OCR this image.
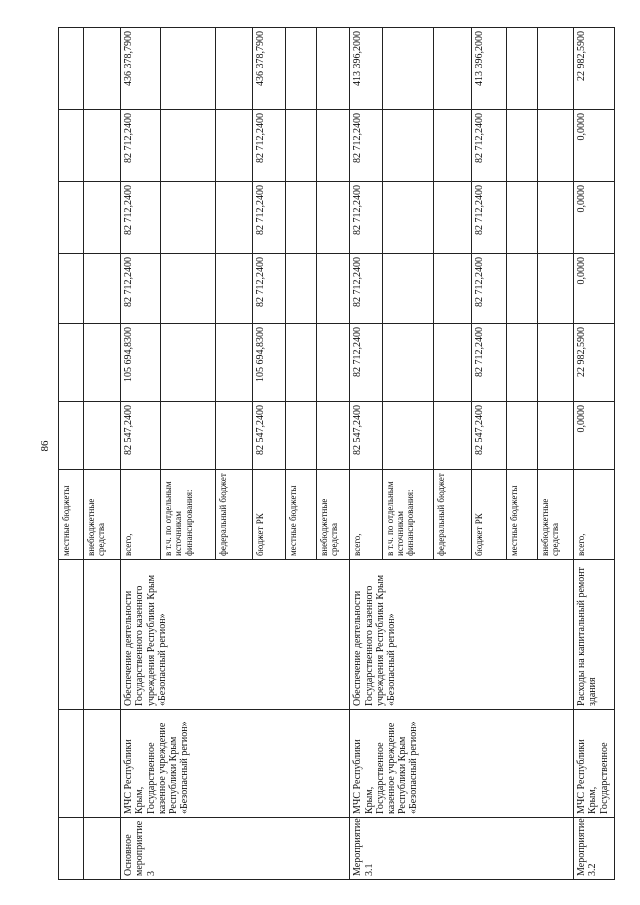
86
			местные бюджеты						
			внебюджетные средства						
Основное мероприятие 3	МЧС Республики Крым, Государственное казенное учреждение Республики Крым «Безопасный регион»	Обеспечение деятельности Государственного казенного учреждения Республики Крым «Безопасный регион»	всего,	82 547,2400	105 694,8300	82 712,2400	82 712,2400	82 712,2400	436 378,7900
			в т.ч. по отдельным источникам финансирования:						
			федеральный бюджет						
			бюджет РК	82 547,2400	105 694,8300	82 712,2400	82 712,2400	82 712,2400	436 378,7900
			местные бюджеты						
			внебюджетные средства						
Мероприятие 3.1	МЧС Республики Крым, Государственное казенное учреждение Республики Крым «Безопасный регион»	Обеспечение деятельности Государственного казенного учреждения Республики Крым «Безопасный регион»	всего,	82 547,2400	82 712,2400	82 712,2400	82 712,2400	82 712,2400	413 396,2000
			в т.ч. по отдельным источникам финансирования:						
			федеральный бюджет						
			бюджет РК	82 547,2400	82 712,2400	82 712,2400	82 712,2400	82 712,2400	413 396,2000
			местные бюджеты						
			внебюджетные средства						
Мероприятие 3.2	МЧС Республики Крым, Государственное	Расходы на капитальный ремонт здания	всего,	0,0000	22 982,5900	0,0000	0,0000	0,0000	22 982,5900
